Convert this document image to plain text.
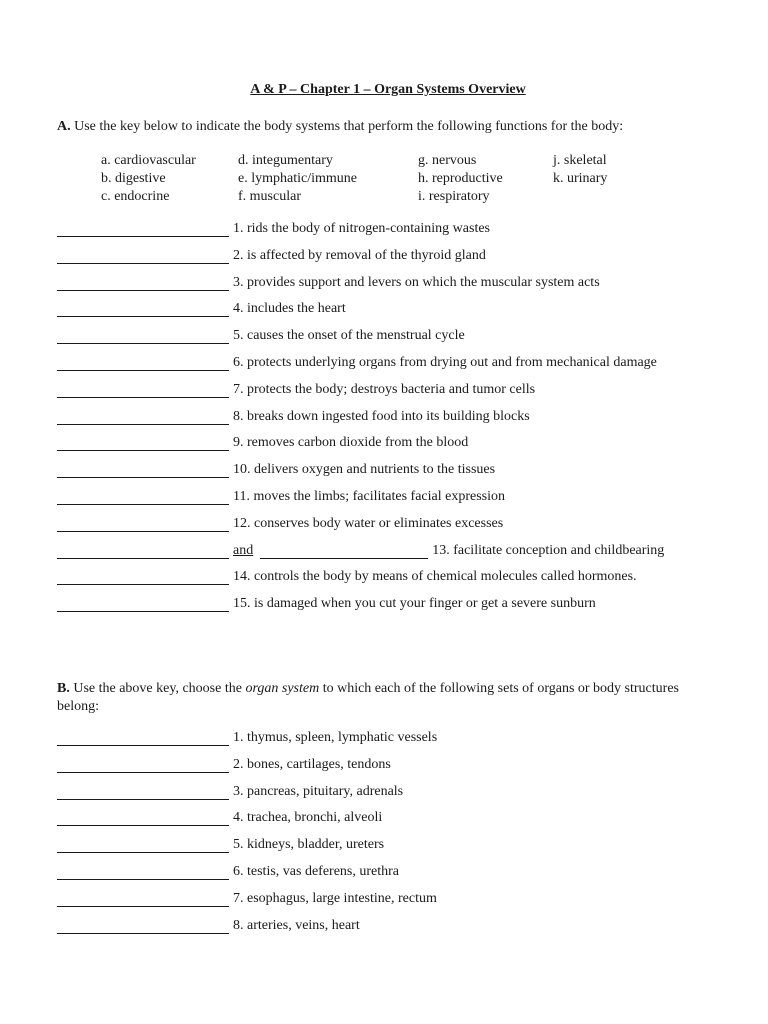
A & P – Chapter 1 – Organ Systems Overview
A. Use the key below to indicate the body systems that perform the following functions for the body:
a. cardiovascular	d. integumentary	g. nervous	j. skeletal
b. digestive	e. lymphatic/immune	h. reproductive	k. urinary
c. endocrine	f. muscular	i. respiratory
1. rids the body of nitrogen-containing wastes
2. is affected by removal of the thyroid gland
3. provides support and levers on which the muscular system acts
4. includes the heart
5. causes the onset of the menstrual cycle
6. protects underlying organs from drying out and from mechanical damage
7. protects the body; destroys bacteria and tumor cells
8. breaks down ingested food into its building blocks
9. removes carbon dioxide from the blood
10. delivers oxygen and nutrients to the tissues
11. moves the limbs; facilitates facial expression
12. conserves body water or eliminates excesses
and	13. facilitate conception and childbearing
14. controls the body by means of chemical molecules called hormones.
15. is damaged when you cut your finger or get a severe sunburn
B. Use the above key, choose the organ system to which each of the following sets of organs or body structures belong:
1. thymus, spleen, lymphatic vessels
2. bones, cartilages, tendons
3. pancreas, pituitary, adrenals
4. trachea, bronchi, alveoli
5. kidneys, bladder, ureters
6. testis, vas deferens, urethra
7. esophagus, large intestine, rectum
8. arteries, veins, heart
